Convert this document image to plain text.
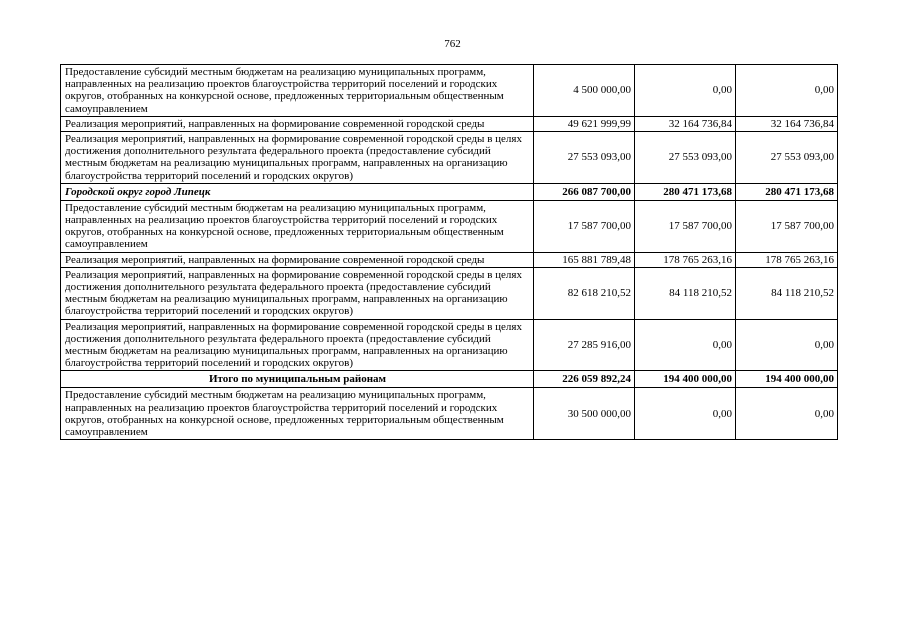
762
Предоставление субсидий местным бюджетам на реализацию муниципальных программ, направленных на реализацию проектов благоустройства территорий поселений и городских округов, отобранных на конкурсной основе, предложенных территориальным общественным самоуправлением	4 500 000,00	0,00	0,00
Реализация мероприятий, направленных на формирование современной городской среды	49 621 999,99	32 164 736,84	32 164 736,84
Реализация мероприятий, направленных на формирование современной городской среды в целях достижения дополнительного результата федерального проекта (предоставление субсидий местным бюджетам на реализацию муниципальных программ, направленных на организацию благоустройства территорий поселений и городских округов)	27 553 093,00	27 553 093,00	27 553 093,00
Городской округ город Липецк	266 087 700,00	280 471 173,68	280 471 173,68
Предоставление субсидий местным бюджетам на реализацию муниципальных программ, направленных на реализацию проектов благоустройства территорий поселений и городских округов, отобранных на конкурсной основе, предложенных территориальным общественным самоуправлением	17 587 700,00	17 587 700,00	17 587 700,00
Реализация мероприятий, направленных на формирование современной городской среды	165 881 789,48	178 765 263,16	178 765 263,16
Реализация мероприятий, направленных на формирование современной городской среды в целях достижения дополнительного результата федерального проекта (предоставление субсидий местным бюджетам на реализацию муниципальных программ, направленных на организацию благоустройства территорий поселений и городских округов)	82 618 210,52	84 118 210,52	84 118 210,52
Реализация мероприятий, направленных на формирование современной городской среды в целях достижения дополнительного результата федерального проекта (предоставление субсидий местным бюджетам на реализацию муниципальных программ, направленных на организацию благоустройства территорий поселений и городских округов)	27 285 916,00	0,00	0,00
Итого по муниципальным районам	226 059 892,24	194 400 000,00	194 400 000,00
Предоставление субсидий местным бюджетам на реализацию муниципальных программ, направленных на реализацию проектов благоустройства территорий поселений и городских округов, отобранных на конкурсной основе, предложенных территориальным общественным самоуправлением	30 500 000,00	0,00	0,00
